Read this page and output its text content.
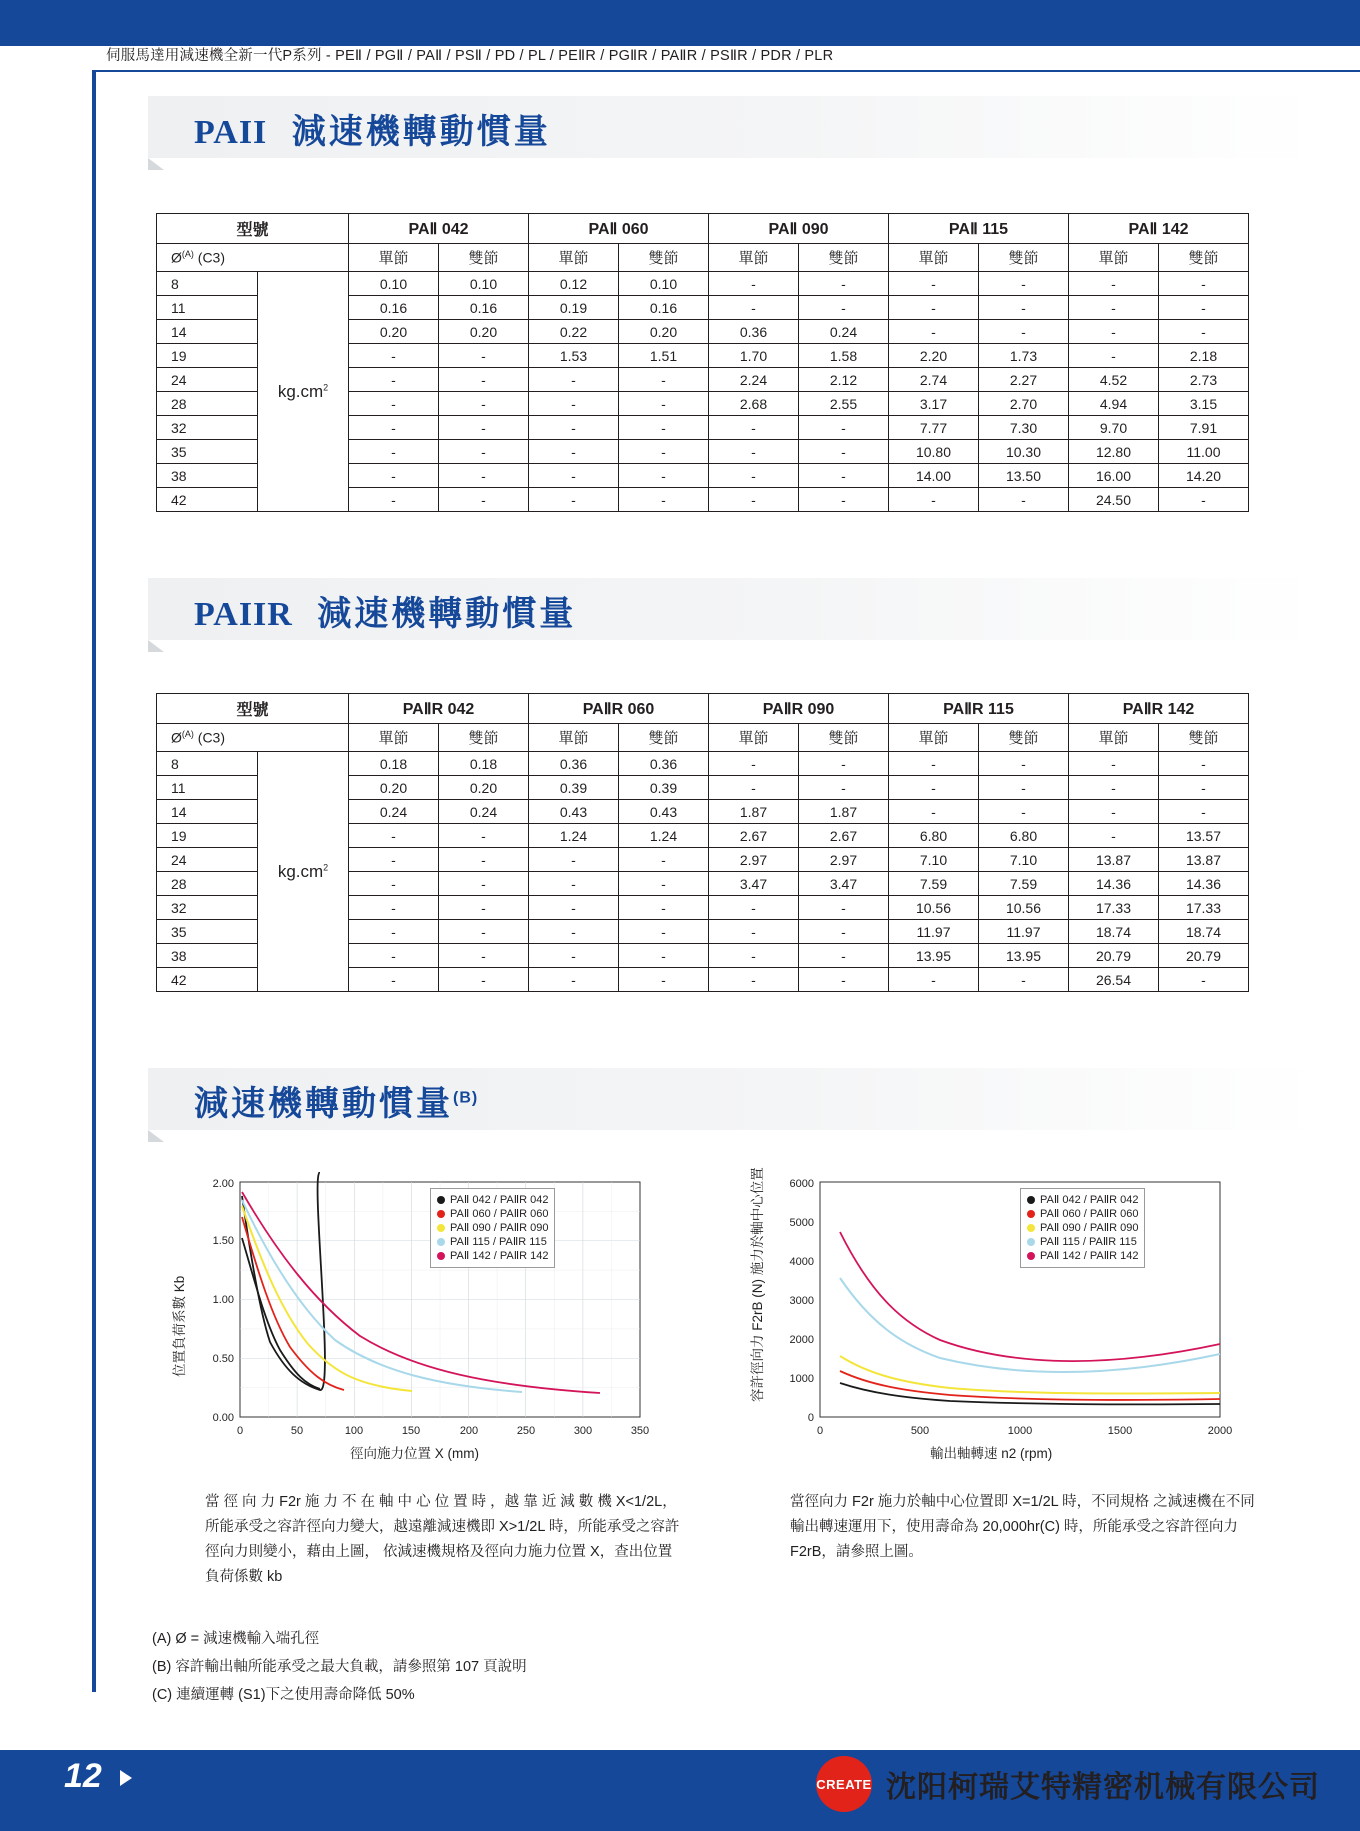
伺服馬達用減速機全新一代P系列 - PEⅡ / PGⅡ / PAⅡ / PSⅡ / PD / PL / PEⅡR / PGⅡR / PAⅡR / PSⅡR / PDR / PLR
PAII 減速機轉動慣量
型號		PAⅡ 042		PAⅡ 060		PAⅡ 090		PAⅡ 115		PAⅡ 142	
$Ø^{(A)}$ (C3)		單節	雙節	單節	雙節	單節	雙節	單節	雙節	單節	雙節
8	$kg.cm^2$	0.10	0.10	0.12	0.10	-	-	-	-	-	-
11		0.16	0.16	0.19	0.16	-	-	-	-	-	-
14		0.20	0.20	0.22	0.20	0.36	0.24	-	-	-	-
19		-	-	1.53	1.51	1.70	1.58	2.20	1.73	-	2.18
24		-	-	-	-	2.24	2.12	2.74	2.27	4.52	2.73
28		-	-	-	-	2.68	2.55	3.17	2.70	4.94	3.15
32		-	-	-	-	-	-	7.77	7.30	9.70	7.91
35		-	-	-	-	-	-	10.80	10.30	12.80	11.00
38		-	-	-	-	-	-	14.00	13.50	16.00	14.20
42		-	-	-	-	-	-	-	-	24.50	-
PAIIR 減速機轉動慣量
型號		PAⅡR 042		PAⅡR 060		PAⅡR 090		PAⅡR 115		PAⅡR 142	
$Ø^{(A)}$ (C3)		單節	雙節	單節	雙節	單節	雙節	單節	雙節	單節	雙節
8	$kg.cm^2$	0.18	0.18	0.36	0.36	-	-	-	-	-	-
11		0.20	0.20	0.39	0.39	-	-	-	-	-	-
14		0.24	0.24	0.43	0.43	1.87	1.87	-	-	-	-
19		-	-	1.24	1.24	2.67	2.67	6.80	6.80	-	13.57
24		-	-	-	-	2.97	2.97	7.10	7.10	13.87	13.87
28		-	-	-	-	3.47	3.47	7.59	7.59	14.36	14.36
32		-	-	-	-	-	-	10.56	10.56	17.33	17.33
35		-	-	-	-	-	-	11.97	11.97	18.74	18.74
38		-	-	-	-	-	-	13.95	13.95	20.79	20.79
42		-	-	-	-	-	-	-	-	26.54	-
減速機轉動慣量$^{(B)}$
0.00
0.50
1.00
1.50
2.00
0	50	100	150	200	250	300	350
位置負荷系數 Kb
徑向施力位置 X (mm)
PAⅡ 042 / PAⅡR 042
PAⅡ 060 / PAⅡR 060
PAⅡ 090 / PAⅡR 090
PAⅡ 115 / PAⅡR 115
PAⅡ 142 / PAⅡR 142
0
1000
2000
3000
4000
5000
6000
0	500	1000	1500	2000
容許徑向力 F2rB (N) 施力於軸中心位置
輸出軸轉速 n2 (rpm)
PAⅡ 042 / PAⅡR 042
PAⅡ 060 / PAⅡR 060
PAⅡ 090 / PAⅡR 090
PAⅡ 115 / PAⅡR 115
PAⅡ 142 / PAⅡR 142
當 徑 向 力 F2r 施 力 不 在 軸 中 心 位 置 時 ，越 靠 近 減 數 機 X<1/2L，所能承受之容許徑向力變大，越遠離減速機即 X>1/2L 時，所能承受之容許徑向力則變小，藉由上圖， 依減速機規格及徑向力施力位置 X，查出位置負荷係數 kb
當徑向力 F2r 施力於軸中心位置即 X=1/2L 時，不同規格 之減速機在不同輸出轉速運用下，使用壽命為 20,000hr(C) 時，所能承受之容許徑向力 F2rB，請參照上圖。
(A) Ø = 減速機輸入端孔徑
(B) 容許輸出軸所能承受之最大負載，請參照第 107 頁說明
(C) 連續運轉 (S1)下之使用壽命降低 50%
12	CREATE 沈阳柯瑞艾特精密机械有限公司
